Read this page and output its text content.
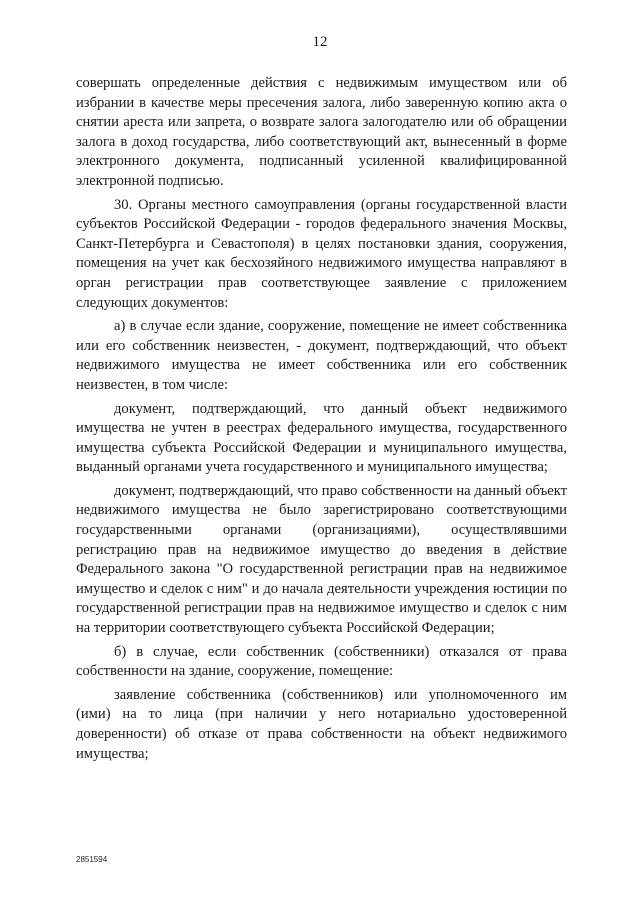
12

совершать определенные действия с недвижимым имуществом или об избрании в качестве меры пресечения залога, либо заверенную копию акта о снятии ареста или запрета, о возврате залога залогодателю или об обращении залога в доход государства, либо соответствующий акт, вынесенный в форме электронного документа, подписанный усиленной квалифицированной электронной подписью.

30. Органы местного самоуправления (органы государственной власти субъектов Российской Федерации - городов федерального значения Москвы, Санкт-Петербурга и Севастополя) в целях постановки здания, сооружения, помещения на учет как бесхозяйного недвижимого имущества направляют в орган регистрации прав соответствующее заявление с приложением следующих документов:

а) в случае если здание, сооружение, помещение не имеет собственника или его собственник неизвестен, - документ, подтверждающий, что объект недвижимого имущества не имеет собственника или его собственник неизвестен, в том числе:

документ, подтверждающий, что данный объект недвижимого имущества не учтен в реестрах федерального имущества, государственного имущества субъекта Российской Федерации и муниципального имущества, выданный органами учета государственного и муниципального имущества;

документ, подтверждающий, что право собственности на данный объект недвижимого имущества не было зарегистрировано соответствующими государственными органами (организациями), осуществлявшими регистрацию прав на недвижимое имущество до введения в действие Федерального закона "О государственной регистрации прав на недвижимое имущество и сделок с ним" и до начала деятельности учреждения юстиции по государственной регистрации прав на недвижимое имущество и сделок с ним на территории соответствующего субъекта Российской Федерации;

б) в случае, если собственник (собственники) отказался от права собственности на здание, сооружение, помещение:

заявление собственника (собственников) или уполномоченного им (ими) на то лица (при наличии у него нотариально удостоверенной доверенности) об отказе от права собственности на объект недвижимого имущества;

2851594
